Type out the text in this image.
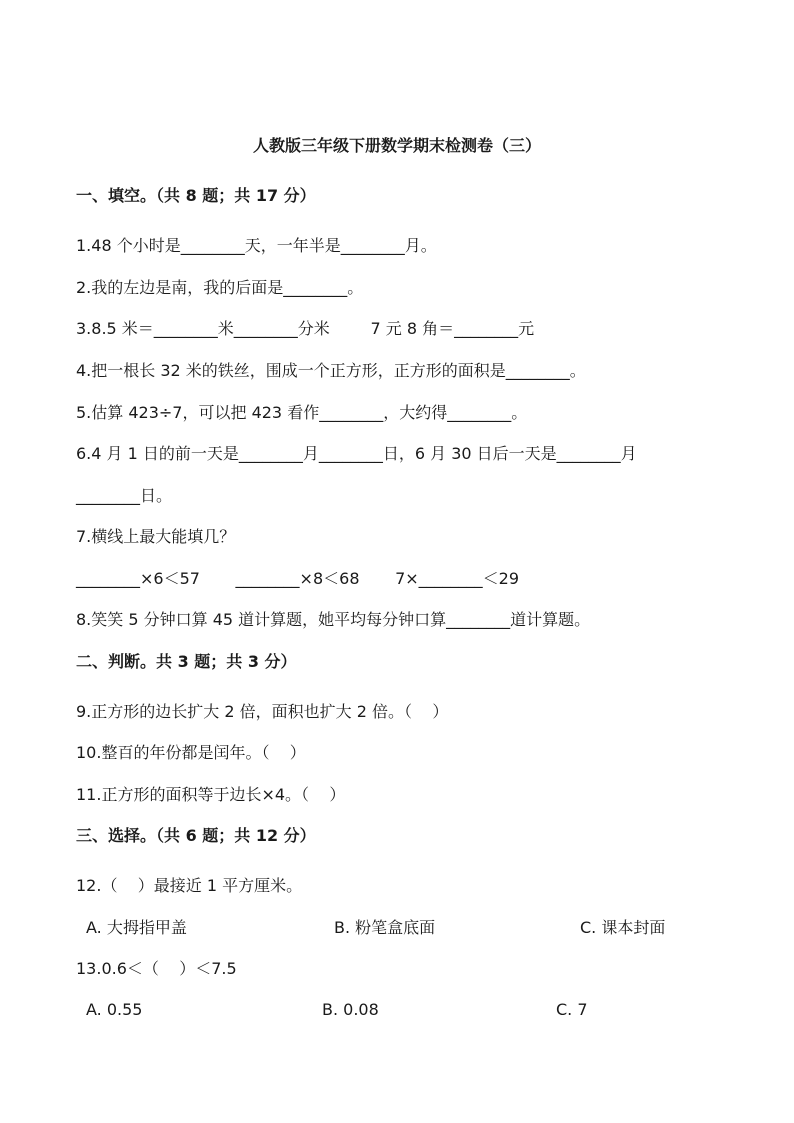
人教版三年级下册数学期末检测卷（三）
一、填空。（共 8 题；共 17 分）
1.48 个小时是________天，一年半是________月。
2.我的左边是南，我的后面是________。
3.8.5 米＝________米________分米        7 元 8 角＝________元
4.把一根长 32 米的铁丝，围成一个正方形，正方形的面积是________。
5.估算 423÷7，可以把 423 看作________，大约得________。
6.4 月 1 日的前一天是________月________日，6 月 30 日后一天是________月
________日。
7.横线上最大能填几？
________×6＜57       ________×8＜68       7×________＜29
8.笑笑 5 分钟口算 45 道计算题，她平均每分钟口算________道计算题。
二、判断。共 3 题；共 3 分）
9.正方形的边长扩大 2 倍，面积也扩大 2 倍。（    ）
10.整百的年份都是闰年。（    ）
11.正方形的面积等于边长×4。（    ）
三、选择。（共 6 题；共 12 分）
12.（    ）最接近 1 平方厘米。
A. 大拇指甲盖	B. 粉笔盒底面	C. 课本封面
13.0.6＜（    ）＜7.5
A. 0.55	B. 0.08	C. 7
